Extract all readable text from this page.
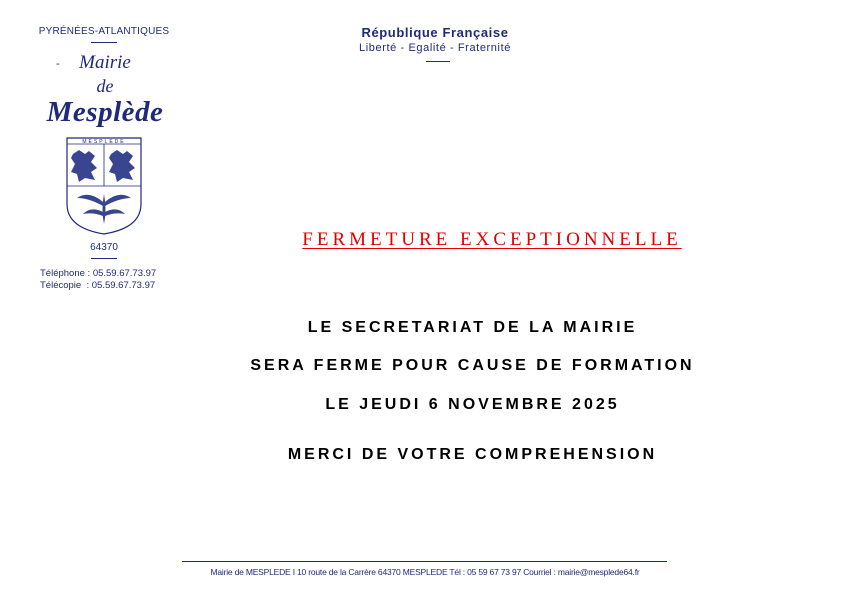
PYRÉNÉES-ATLANTIQUES
-	Mairie
de
Mesplède
MESPLEDE
64370
Téléphone : 05.59.67.73.97
Télécopie  : 05.59.67.73.97
République Française
Liberté - Egalité - Fraternité
FERMETURE EXCEPTIONNELLE
LE SECRETARIAT DE LA MAIRIE
SERA FERME POUR CAUSE DE FORMATION
LE JEUDI 6 NOVEMBRE 2025
MERCI DE VOTRE COMPREHENSION
Mairie de MESPLEDE I 10 route de la Carrère 64370 MESPLEDE Tél : 05 59 67 73 97 Courriel : mairie@mesplede64.fr
